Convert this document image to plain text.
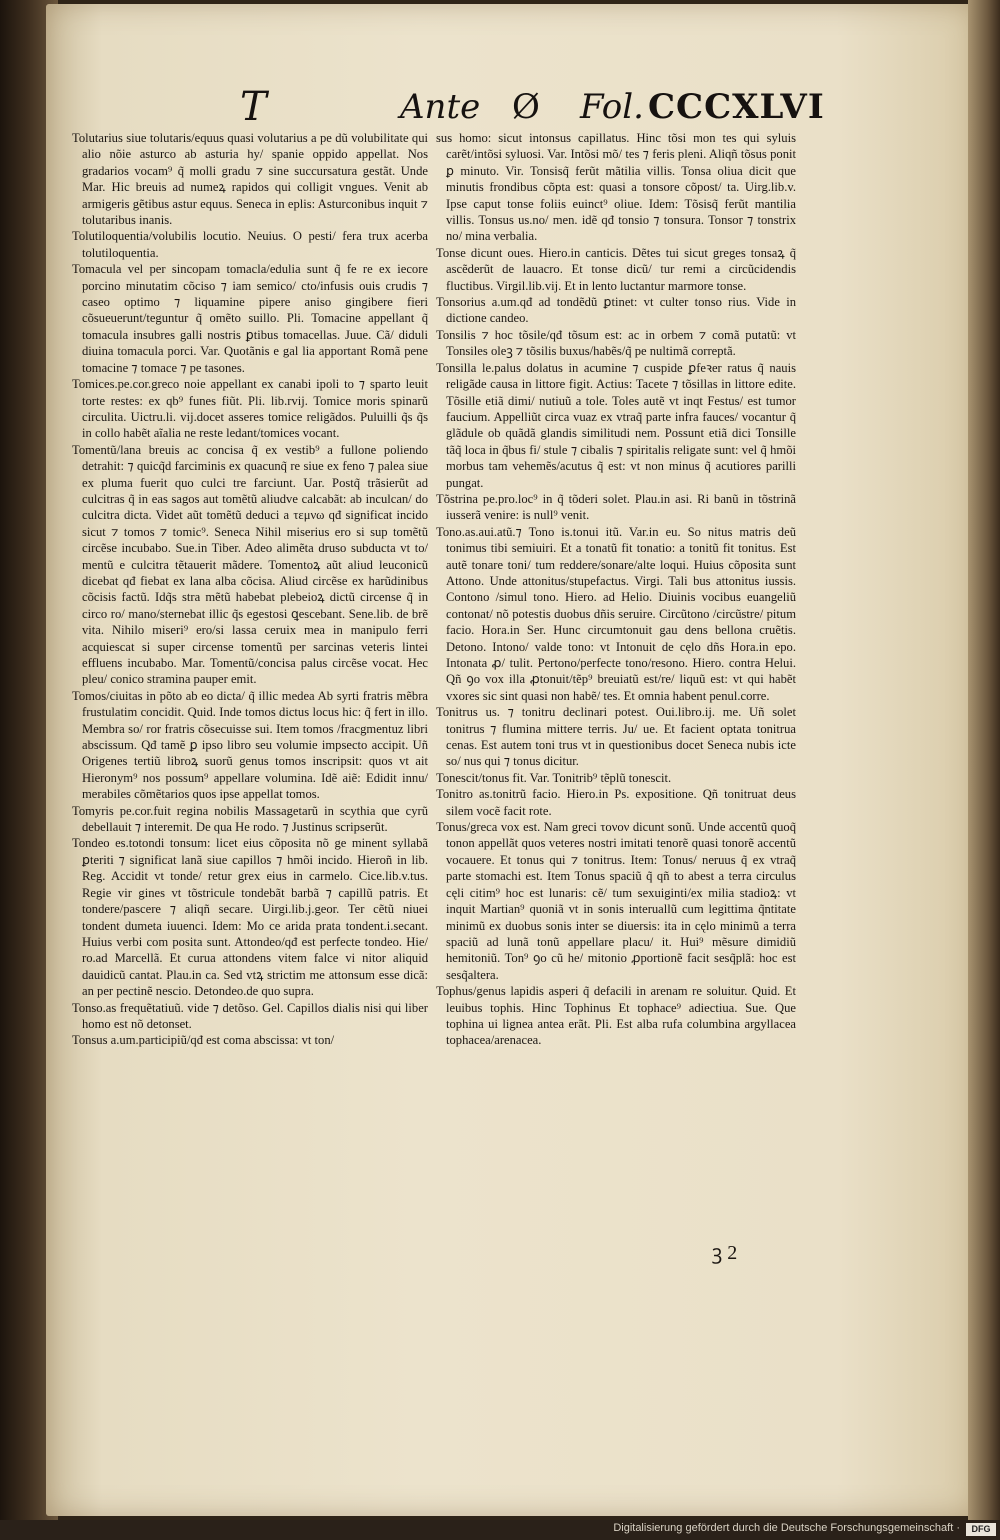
T	Ante Ø Fol. CCCXLVI

Tolutarius siue tolutaris/equus quasi volutarius a pe dũ volubilitate qui alio nõie asturco ab asturia hy/ spanie oppido appellat. Nos gradarios vocam⁹ q̃ molli gradu ⁊ sine succursatura gestãt. Unde Mar. Hic breuis ad numeꝝ rapidos qui colligit vngues. Venit ab armigeris gẽtibus astur equus. Seneca in eplis: Asturconibus inquit ⁊ tolutaribus inanis.

Tolutiloquentia/volubilis locutio. Neuius. O pesti/ fera trux acerba tolutiloquentia.

Tomacula vel per sincopam tomacla/edulia sunt q̃ fe re ex iecore porcino minutatim cõciso ⁊ iam semico/ cto/infusis ouis crudis ⁊ caseo optimo ⁊ liquamine pipere aniso gingibere fieri cõsueuerunt/teguntur q̃ omẽto suillo. Pli. Tomacine appellant q̃ tomacula insubres galli nostris ꝑtibus tomacellas. Juue. Cã/ diduli diuina tomacula porci. Var. Quotãnis e gal lia apportant Romã pene tomacine ⁊ tomace ⁊ pe tasones.

Tomices.pe.cor.greco noie appellant ex canabi ipoli to ⁊ sparto leuit torte restes: ex qb⁹ funes fiũt. Pli. lib.rvij. Tomice moris spinarũ circulita. Uictru.li. vij.docet asseres tomice religãdos. Puluilli q̃s q̃s in collo habẽt aĩalia ne reste ledant/tomices vocant.

Tomentũ/lana breuis ac concisa q̃ ex vestib⁹ a fullone poliendo detrahit: ⁊ quicq̃d farciminis ex quacunq̃ re siue ex feno ⁊ palea siue ex pluma fuerit quo culci tre farciunt. Uar. Postq̃ trãsierũt ad culcitras q̃ in eas sagos aut tomẽtũ aliudve calcabãt: ab inculcan/ do culcitra dicta. Videt aũt tomẽtũ deduci a τεμνω qđ significat incido sicut ⁊ tomos ⁊ tomic⁹. Seneca Nihil miserius ero si sup tomẽtũ circẽse incubabo. Sue.in Tiber. Adeo alimẽta druso subducta vt to/ mentũ e culcitra tẽtauerit mãdere. Tomentoꝝ aũt aliud leuconicũ dicebat qđ fiebat ex lana alba cõcisa. Aliud circẽse ex harũdinibus cõcisis factũ. Idq̃s stra mẽtũ habebat plebeioꝝ dictũ circense q̃ in circo ro/ mano/sternebat illic q̃s egestosi ꝗescebant. Sene.lib. de brẽ vita. Nihilo miseri⁹ ero/si lassa ceruix mea in manipulo ferri acquiescat si super circense tomentũ per sarcinas veteris lintei effluens incubabo. Mar. Tomentũ/concisa palus circẽse vocat. Hec pleu/ conico stramina pauper emit.

Tomos/ciuitas in põto ab eo dicta/ q̃ illic medea Ab syrti fratris mẽbra frustulatim concidit. Quid. Inde tomos dictus locus hic: q̃ fert in illo. Membra so/ ror fratris cõsecuisse sui. Item tomos /fracgmentuz libri abscissum. Qđ tamẽ ꝑ ipso libro seu volumie impsecto accipit. Uñ Origenes tertiũ libroꝝ suorũ genus tomos inscripsit: quos vt ait Hieronym⁹ nos possum⁹ appellare volumina. Idẽ aiẽ: Edidit innu/ merabiles cõmẽtarios quos ipse appellat tomos.

Tomyris pe.cor.fuit regina nobilis Massagetarũ in scythia que cyrũ debellauit ⁊ interemit. De qua He rodo. ⁊ Justinus scripserũt.

Tondeo es.totondi tonsum: licet eius cõposita nõ ge minent syllabã ꝑteriti ⁊ significat lanã siue capillos ⁊ hmõi incido. Hieroñ in lib. Reg. Accidit vt tonde/ retur grex eius in carmelo. Cice.lib.v.tus. Regie vir gines vt tõstricule tondebãt barbã ⁊ capillũ patris. Et tondere/pascere ⁊ aliqñ secare. Uirgi.lib.j.geor. Ter cẽtũ niuei tondent dumeta iuuenci. Idem: Mo ce arida prata tondent.i.secant. Huius verbi com posita sunt. Attondeo/qđ est perfecte tondeo. Hie/ ro.ad Marcellã. Et curua attondens vitem falce vi nitor aliquid dauidicũ cantat. Plau.in ca. Sed vtꝝ strictim me attonsum esse dicã: an per pectinẽ nescio. Detondeo.de quo supra.

Tonso.as frequẽtatiuũ. vide ⁊ detõso. Gel. Capillos dialis nisi qui liber homo est nõ detonset.

Tonsus a.um.participiũ/qđ est coma abscissa: vt ton/

sus homo: sicut intonsus capillatus. Hinc tõsi mon tes qui syluis carẽt/intõsi syluosi. Var. Intõsi mõ/ tes ⁊ feris pleni. Aliqñ tõsus ponit ꝑ minuto. Vir. Tonsisq̃ ferũt mãtilia villis. Tonsa oliua dicit que minutis frondibus cõpta est: quasi a tonsore cõpost/ ta. Uirg.lib.v. Ipse caput tonse foliis euinct⁹ oliue. Idem: Tõsisq̃ ferũt mantilia villis. Tonsus us.no/ men. idẽ qđ tonsio ⁊ tonsura. Tonsor ⁊ tonstrix no/ mina verbalia.

Tonse dicunt oues. Hiero.in canticis. Dẽtes tui sicut greges tonsaꝝ q̃ ascẽderũt de lauacro. Et tonse dicũ/ tur remi a circũcidendis fluctibus. Virgil.lib.vij. Et in lento luctantur marmore tonse.

Tonsorius a.um.qđ ad tondẽdũ ꝑtinet: vt culter tonso rius. Vide in dictione candeo.

Tonsilis ⁊ hoc tõsile/qđ tõsum est: ac in orbem ⁊ comã putatũ: vt Tonsiles oleꝫ ⁊ tõsilis buxus/habẽs/q̃ pe nultimã correptã.

Tonsilla le.palus dolatus in acumine ⁊ cuspide ꝑfeꝛer ratus q̃ nauis religãde causa in littore figit. Actius: Tacete ⁊ tõsillas in littore edite. Tõsille etiã dimi/ nutiuũ a tole. Toles autẽ vt inqt Festus/ est tumor faucium. Appelliũt circa vuaz ex vtraq̃ parte infra fauces/ vocantur q̃ glãdule ob quãdã glandis similitudi nem. Possunt etiã dici Tonsille tãq̃ loca in q̃bus fi/ stule ⁊ cibalis ⁊ spiritalis religate sunt: vel q̃ hmõi morbus tam vehemẽs/acutus q̃ est: vt non minus q̃ acutiores parilli pungat.

Tõstrina pe.pro.loc⁹ in q̃ tõderi solet. Plau.in asi. Ri banũ in tõstrinã iusserã venire: is null⁹ venit.

Tono.as.aui.atũ.⁊ Tono is.tonui itũ. Var.in eu. So nitus matris deũ tonimus tibi semiuiri. Et a tonatũ fit tonatio: a tonitũ fit tonitus. Est autẽ tonare toni/ tum reddere/sonare/alte loqui. Huius cõposita sunt Attono. Unde attonitus/stupefactus. Virgi. Tali bus attonitus iussis. Contono /simul tono. Hiero. ad Helio. Diuinis vocibus euangeliũ contonat/ nõ potestis duobus dñis seruire. Circũtono /circũstre/ pitum facio. Hora.in Ser. Hunc circumtonuit gau dens bellona cruẽtis. Detono. Intono/ valde tono: vt Intonuit de cęlo dñs Hora.in epo. Intonata ꝓ/ tulit. Pertono/perfecte tono/resono. Hiero. contra Helui. Qñ ꝯo vox illa ꝓtonuit/tẽp⁹ breuiatũ est/re/ liquũ est: vt qui habẽt vxores sic sint quasi non habẽ/ tes. Et omnia habent penul.corre.

Tonitrus us. ⁊ tonitru declinari potest. Oui.libro.ij. me. Uñ solet tonitrus ⁊ flumina mittere terris. Ju/ ue. Et facient optata tonitrua cenas. Est autem toni trus vt in questionibus docet Seneca nubis icte so/ nus qui ⁊ tonus dicitur.

Tonescit/tonus fit. Var. Tonitrib⁹ tẽplũ tonescit.

Tonitro as.tonitrũ facio. Hiero.in Ps. expositione. Qñ tonitruat deus silem vocẽ facit rote.

Tonus/greca vox est. Nam greci τονον dicunt sonũ. Unde accentũ quoq̃ tonon appellãt quos veteres nostri imitati tenorẽ quasi tonorẽ accentũ vocauere. Et tonus qui ⁊ tonitrus. Item: Tonus/ neruus q̃ ex vtraq̃ parte stomachi est. Item Tonus spaciũ q̃ qñ to abest a terra circulus cęli citim⁹ hoc est lunaris: cẽ/ tum sexuiginti/ex milia stadioꝝ: vt inquit Martian⁹ quoniã vt in sonis interuallũ cum legittima q̃ntitate minimũ ex duobus sonis inter se diuersis: ita in cęlo minimũ a terra spaciũ ad lunã tonũ appellare placu/ it. Hui⁹ mẽsure dimidiũ hemitoniũ. Ton⁹ ꝯo cũ he/ mitonio ꝓportionẽ facit sesq̃plã: hoc est sesq̃altera.

Tophus/genus lapidis asperi q̃ defacili in arenam re soluitur. Quid. Et leuibus tophis. Hinc Tophinus Et tophace⁹ adiectiua. Sue. Que tophina ui lignea antea erãt. Pli. Est alba rufa columbina argyllacea tophacea/arenacea.

ꝫ 2
Digitalisierung gefördert durch die Deutsche Forschungsgemeinschaft ·	DFG
